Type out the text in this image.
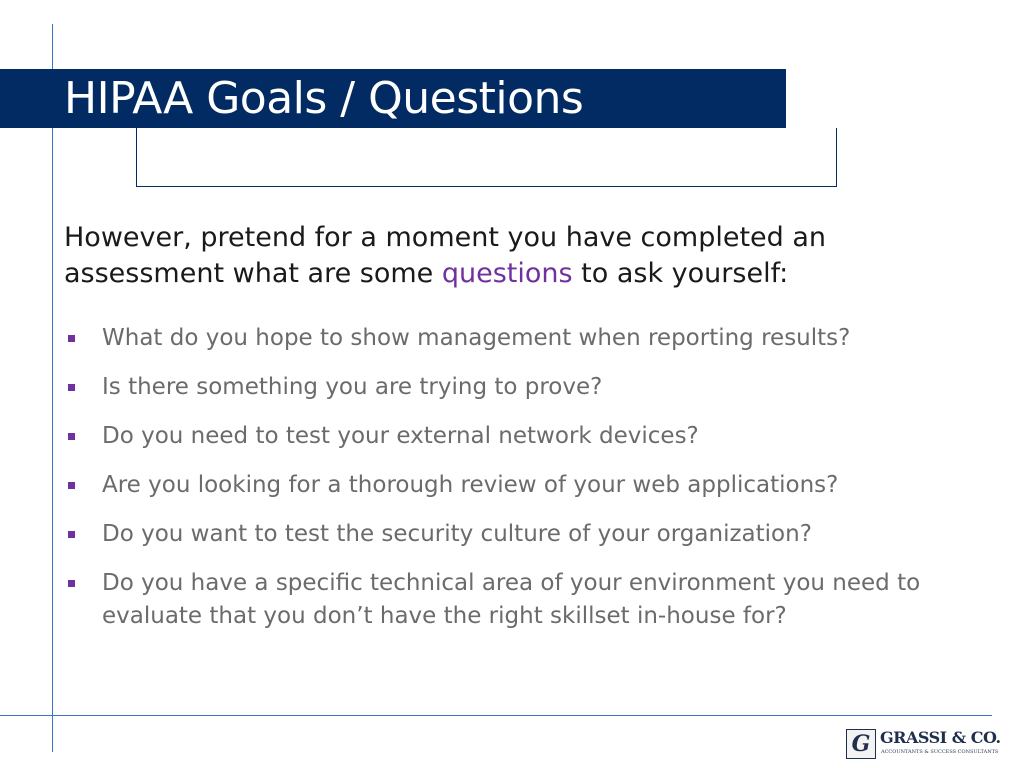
HIPAA Goals / Questions

However, pretend for a moment you have completed an assessment what are some questions to ask yourself:

What do you hope to show management when reporting results?
Is there something you are trying to prove?
Do you need to test your external network devices?
Are you looking for a thorough review of your web applications?
Do you want to test the security culture of your organization?
Do you have a specific technical area of your environment you need to evaluate that you don’t have the right skillset in-house for?
G GRASSI & CO.
ACCOUNTANTS & SUCCESS CONSULTANTS
